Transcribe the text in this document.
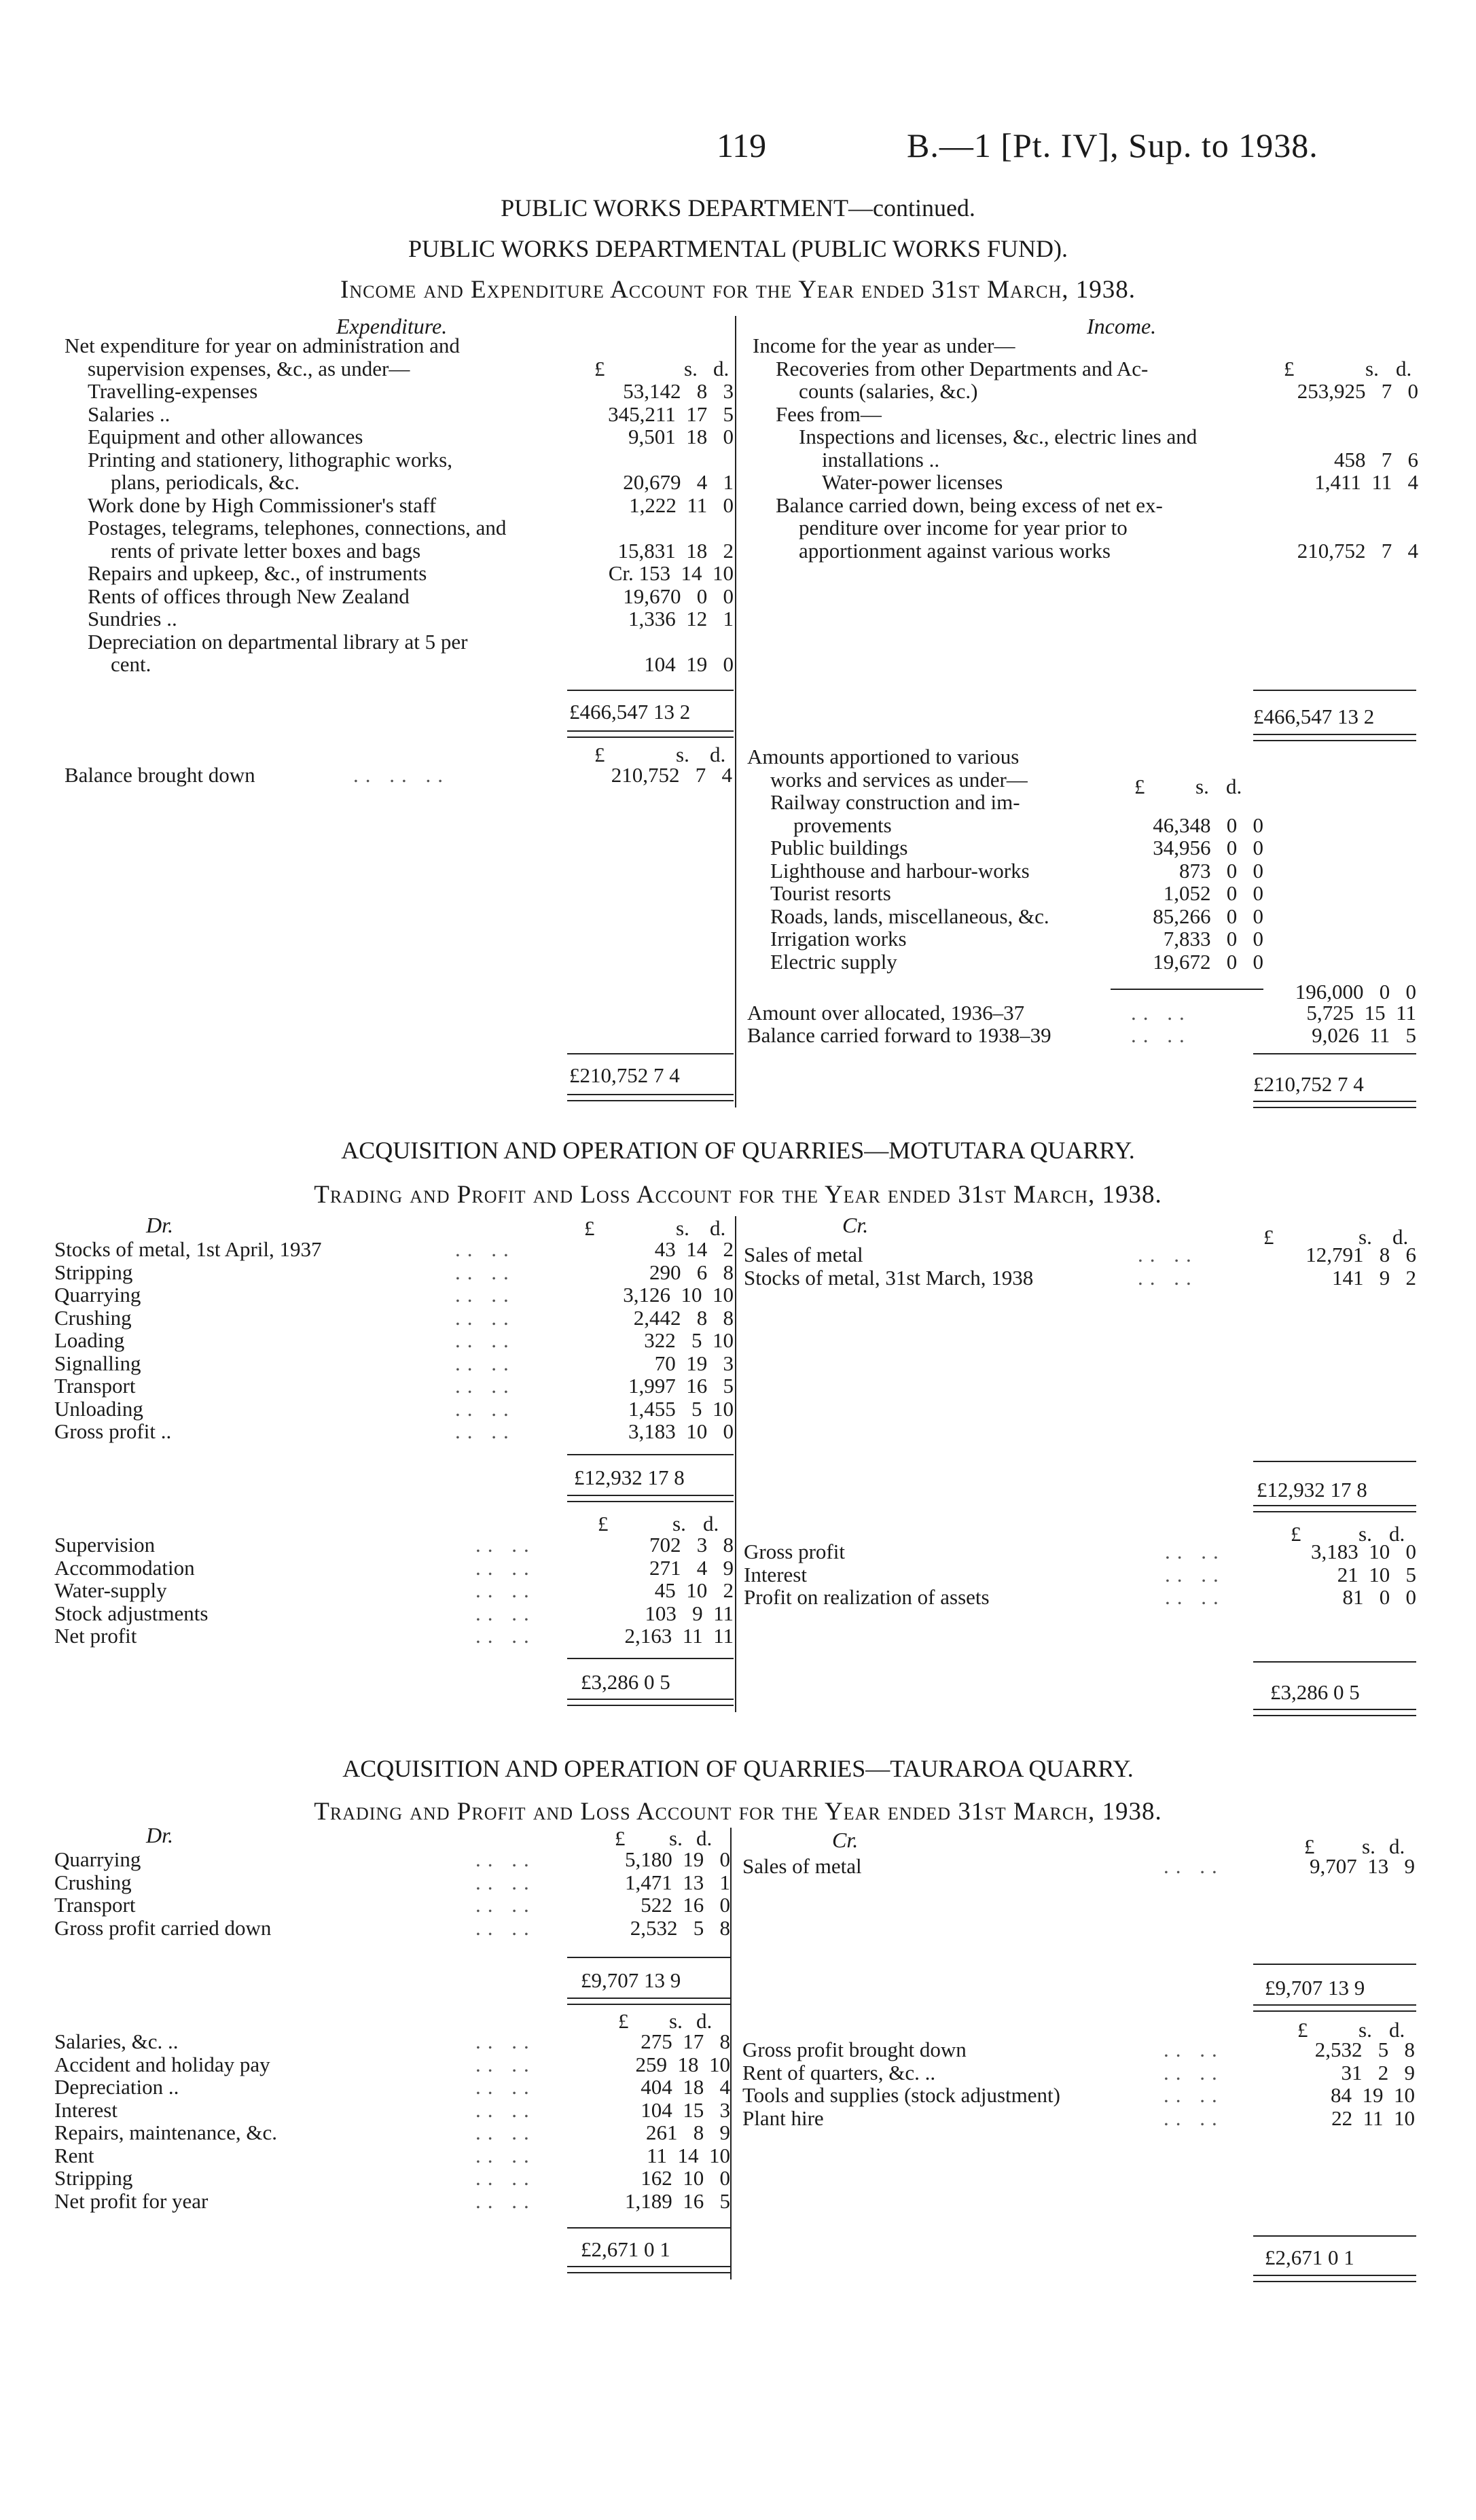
119	B.—1 [Pt. IV], Sup. to 1938.
PUBLIC WORKS DEPARTMENT—continued.
PUBLIC WORKS DEPARTMENTAL (PUBLIC WORKS FUND).
Income and Expenditure Account for the Year ended 31st March, 1938.
Expenditure.	Income.
Net expenditure for year on administration and
supervision expenses, &c., as under—
Travelling-expenses	53,142   8   3
Salaries ..	345,211  17   5
Equipment and other allowances	9,501  18   0
Printing and stationery, lithographic works,
plans, periodicals, &c.	20,679   4   1
Work done by High Commissioner's staff	1,222  11   0
Postages, telegrams, telephones, connections, and
rents of private letter boxes and bags	15,831  18   2
Repairs and upkeep, &c., of instruments	Cr. 153  14  10
Rents of offices through New Zealand	19,670   0   0
Sundries ..	1,336  12   1
Depreciation on departmental library at 5 per
cent.	104  19   0
Income for the year as under—
Recoveries from other Departments and Ac-
counts (salaries, &c.)	253,925   7   0
Fees from—
Inspections and licenses, &c., electric lines and
installations ..	458   7   6
Water-power licenses	1,411  11   4
Balance carried down, being excess of net ex-
penditure over income for year prior to
apportionment against various works	210,752   7   4
£	s. d.	£	s. d.
£466,547 13 2	£466,547 13 2
£	s. d.
Balance brought down	.. .. ..	210,752   7   4
Amounts apportioned to various
works and services as under—
Railway construction and im-
provements	46,348   0   0
Public buildings	34,956   0   0
Lighthouse and harbour-works	873   0   0
Tourist resorts	1,052   0   0
Roads, lands, miscellaneous, &c.	85,266   0   0
Irrigation works	7,833   0   0
Electric supply	19,672   0   0
£ s. d.
196,000   0   0
Amount over allocated, 1936–37	.. ..	5,725  15  11
Balance carried forward to 1938–39	.. ..	9,026  11   5
£210,752 7 4	£210,752 7 4
ACQUISITION AND OPERATION OF QUARRIES—MOTUTARA QUARRY.
Trading and Profit and Loss Account for the Year ended 31st March, 1938.
Dr.	Cr.
£	s. d.	£	s. d.
Stocks of metal, 1st April, 1937	.. ..	43  14   2
Stripping	.. ..	290   6   8
Quarrying	.. ..	3,126  10  10
Crushing	.. ..	2,442   8   8
Loading	.. ..	322   5  10
Signalling	.. ..	70  19   3
Transport	.. ..	1,997  16   5
Unloading	.. ..	1,455   5  10
Gross profit ..	.. ..	3,183  10   0
Sales of metal	.. ..	12,791   8   6
Stocks of metal, 31st March, 1938	.. ..	141   9   2
£12,932 17 8
£12,932 17 8
£	s. d.	£	s. d.
Supervision	.. ..	702   3   8
Accommodation	.. ..	271   4   9
Water-supply	.. ..	45  10   2
Stock adjustments	.. ..	103   9  11
Net profit	.. ..	2,163  11  11
Gross profit	.. ..	3,183  10   0
Interest	.. ..	21  10   5
Profit on realization of assets	.. ..	81   0   0
£3,286 0 5	£3,286 0 5
ACQUISITION AND OPERATION OF QUARRIES—TAURAROA QUARRY.
Trading and Profit and Loss Account for the Year ended 31st March, 1938.
Dr.	Cr.
£ s. d.	£ s. d.
Quarrying	.. ..	5,180  19   0
Crushing	.. ..	1,471  13   1
Transport	.. ..	522  16   0
Gross profit carried down	.. ..	2,532   5   8
Sales of metal	.. ..	9,707  13   9
£9,707 13 9	£9,707 13 9
£ s. d.	£ s. d.
Salaries, &c. ..	.. ..	275  17   8
Accident and holiday pay	.. ..	259  18  10
Depreciation ..	.. ..	404  18   4
Interest	.. ..	104  15   3
Repairs, maintenance, &c.	.. ..	261   8   9
Rent	.. ..	11  14  10
Stripping	.. ..	162  10   0
Net profit for year	.. ..	1,189  16   5
Gross profit brought down	.. ..	2,532   5   8
Rent of quarters, &c. ..	.. ..	31   2   9
Tools and supplies (stock adjustment)	.. ..	84  19  10
Plant hire	.. ..	22  11  10
£2,671 0 1	£2,671 0 1
